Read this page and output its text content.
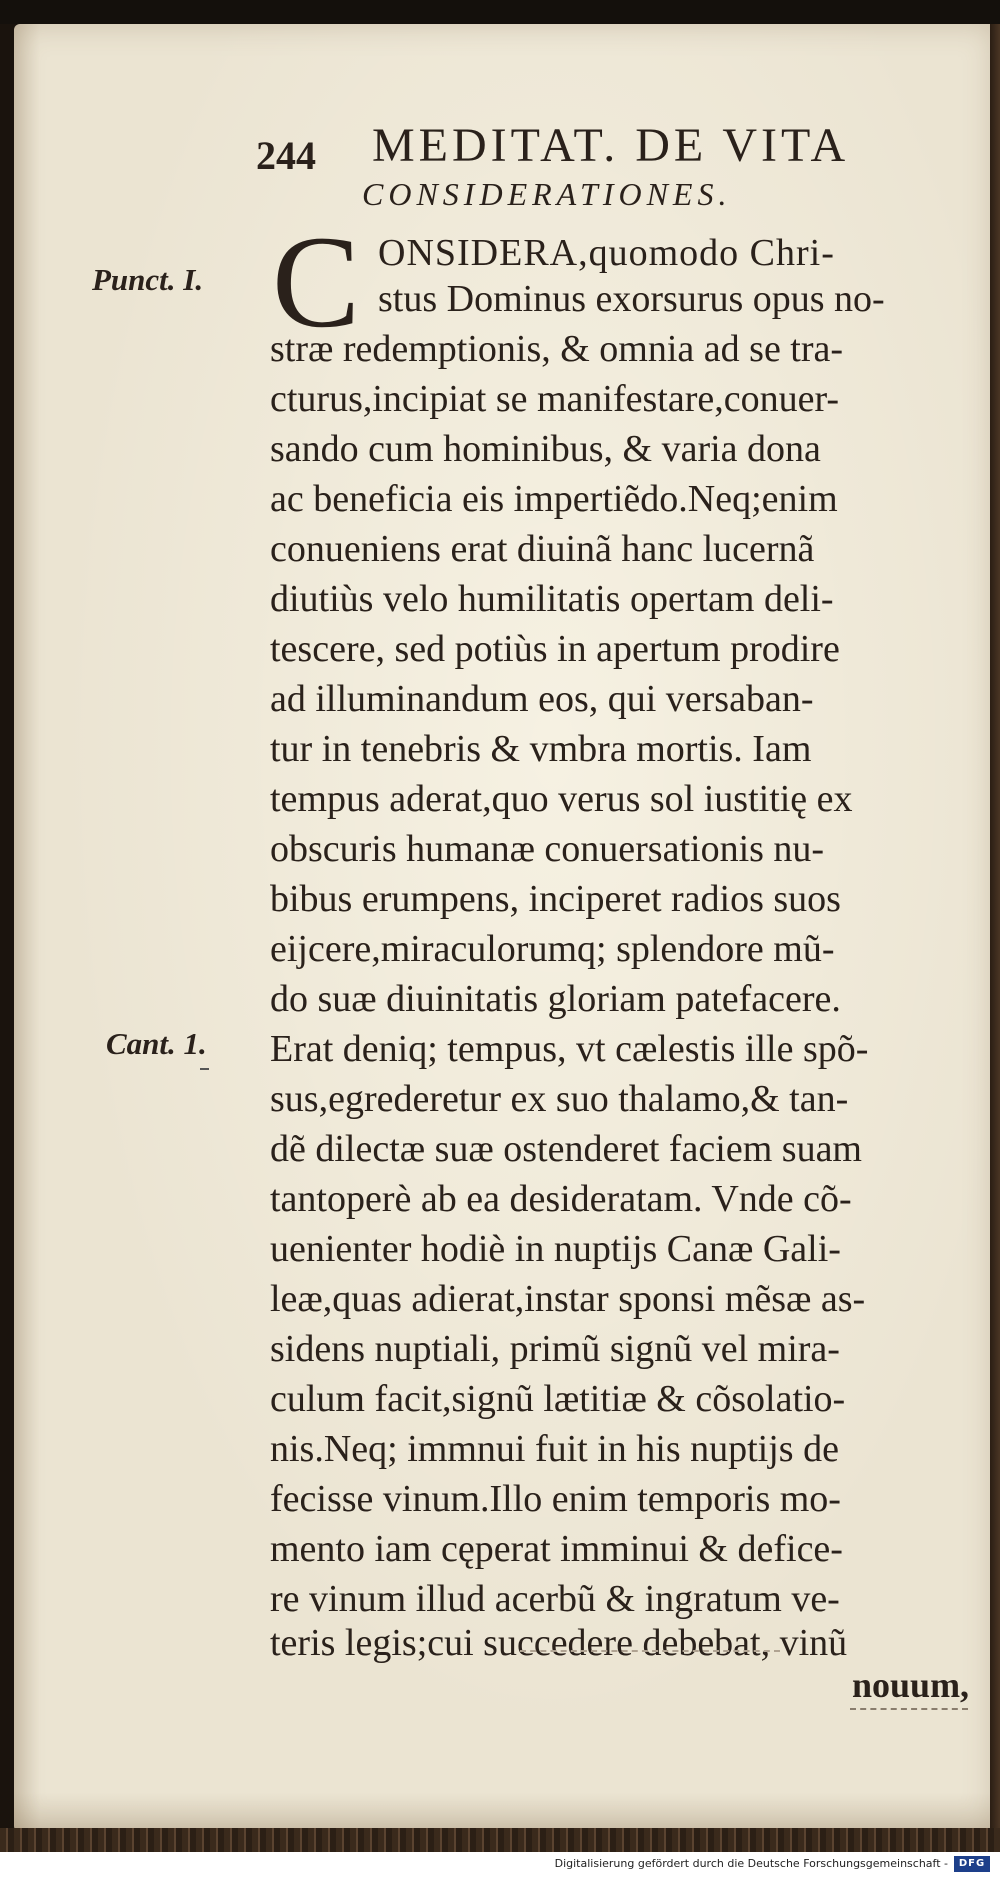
244 MEDITAT. DE VITA
CONSIDERATIONES.
Punct. I.
Cant. 1.
C ONSIDERA,quomodo Chri-
stus Dominus exorsurus opus no-
stræ redemptionis, & omnia ad se tra-
cturus,incipiat se manifestare,conuer-
sando cum hominibus, & varia dona
ac beneficia eis impertiẽdo.Neq;enim
conueniens erat diuinã hanc lucernã
diutiùs velo humilitatis opertam deli-
tescere, sed potiùs in apertum prodire
ad illuminandum eos, qui versaban-
tur in tenebris & vmbra mortis. Iam
tempus aderat,quo verus sol iustitię ex
obscuris humanæ conuersationis nu-
bibus erumpens, inciperet radios suos
eijcere,miraculorumq; splendore mũ-
do suæ diuinitatis gloriam patefacere.
Erat deniq; tempus, vt cælestis ille spõ-
sus,egrederetur ex suo thalamo,& tan-
dẽ dilectæ suæ ostenderet faciem suam
tantoperè ab ea desideratam. Vnde cõ-
uenienter hodiè in nuptijs Canæ Gali-
leæ,quas adierat,instar sponsi mẽsæ as-
sidens nuptiali, primũ signũ vel mira-
culum facit,signũ lætitiæ & cõsolatio-
nis.Neq; immnui fuit in his nuptijs de
fecisse vinum.Illo enim temporis mo-
mento iam cęperat imminui & defice-
re vinum illud acerbũ & ingratum ve-
teris legis;cui succedere debebat, vinũ
nouum,
Digitalisierung gefördert durch die Deutsche Forschungsgemeinschaft -	DFG
